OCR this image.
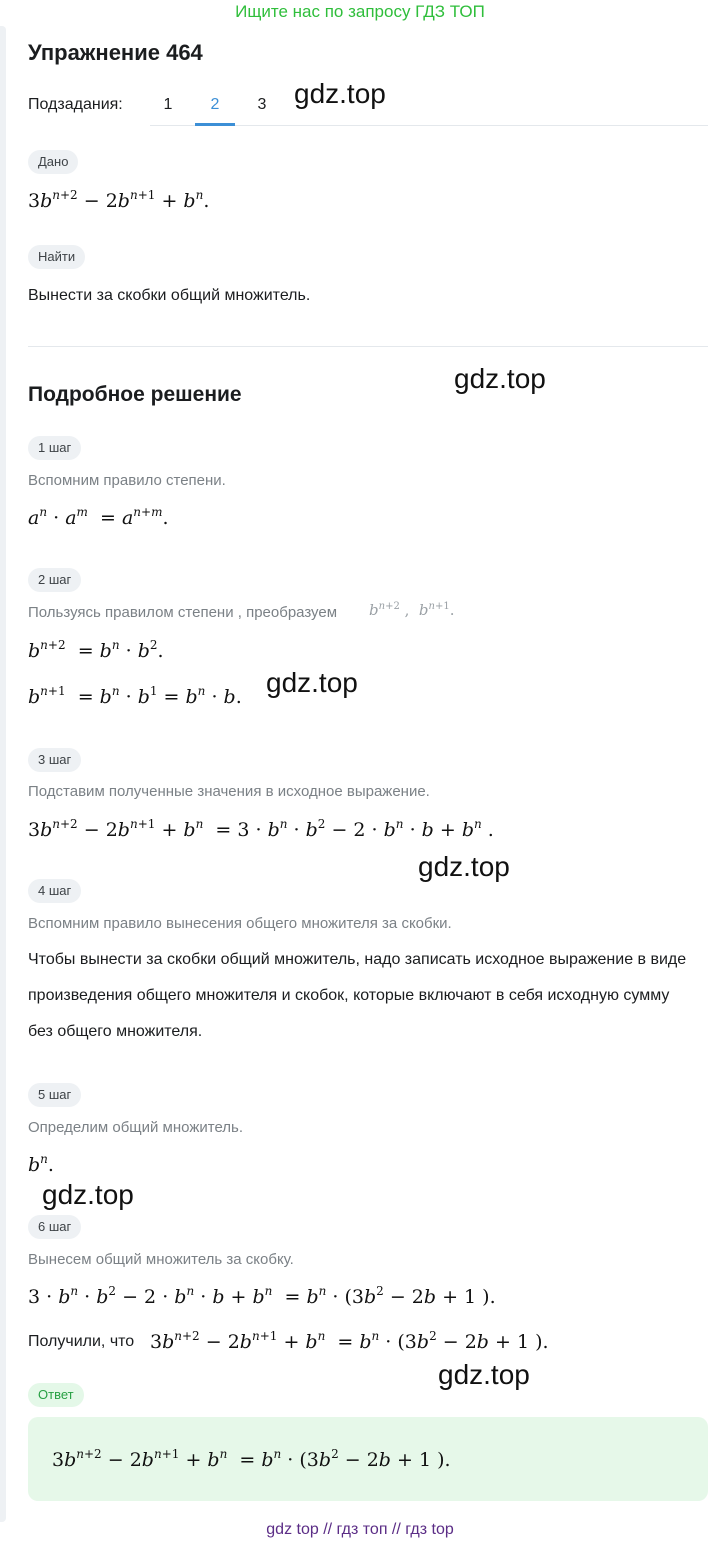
Ищите нас по запросу ГДЗ ТОП
Упражнение 464
Подзадания:	1	2	3
Дано
$3b^{n+2} - 2b^{n+1} + b^n$.
Найти
Вынести за скобки общий множитель.
Подробное решение
1 шаг
Вспомним правило степени.
$a^n \cdot a^m = a^{n+m}$.
2 шаг
Пользуясь правилом степени , преобразуем $b^{n+2}$ ,  $b^{n+1}$.
$b^{n+2} = b^n \cdot b^2$.
$b^{n+1} = b^n \cdot b^1 = b^n \cdot b$.
3 шаг
Подставим полученные значения в исходное выражение.
$3b^{n+2} - 2b^{n+1} + b^n = 3 \cdot b^n \cdot b^2 - 2 \cdot b^n \cdot b + b^n$ .
4 шаг
Вспомним правило вынесения общего множителя за скобки.
Чтобы вынести за скобки общий множитель, надо записать исходное выражение в виде произведения общего множителя и скобок, которые включают в себя исходную сумму без общего множителя.
5 шаг
Определим общий множитель.
$b^n$.
6 шаг
Вынесем общий множитель за скобку.
$3 \cdot b^n \cdot b^2 - 2 \cdot b^n \cdot b + b^n = b^n \cdot (3b^2 - 2b + 1$ ).
Получили, что $3b^{n+2} - 2b^{n+1} + b^n = b^n \cdot (3b^2 - 2b + 1$ ).
Ответ
$3b^{n+2} - 2b^{n+1} + b^n = b^n \cdot (3b^2 - 2b + 1$ ).
gdz.top
gdz.top
gdz.top
gdz.top
gdz.top
gdz.top
gdz top // гдз топ // гдз top
